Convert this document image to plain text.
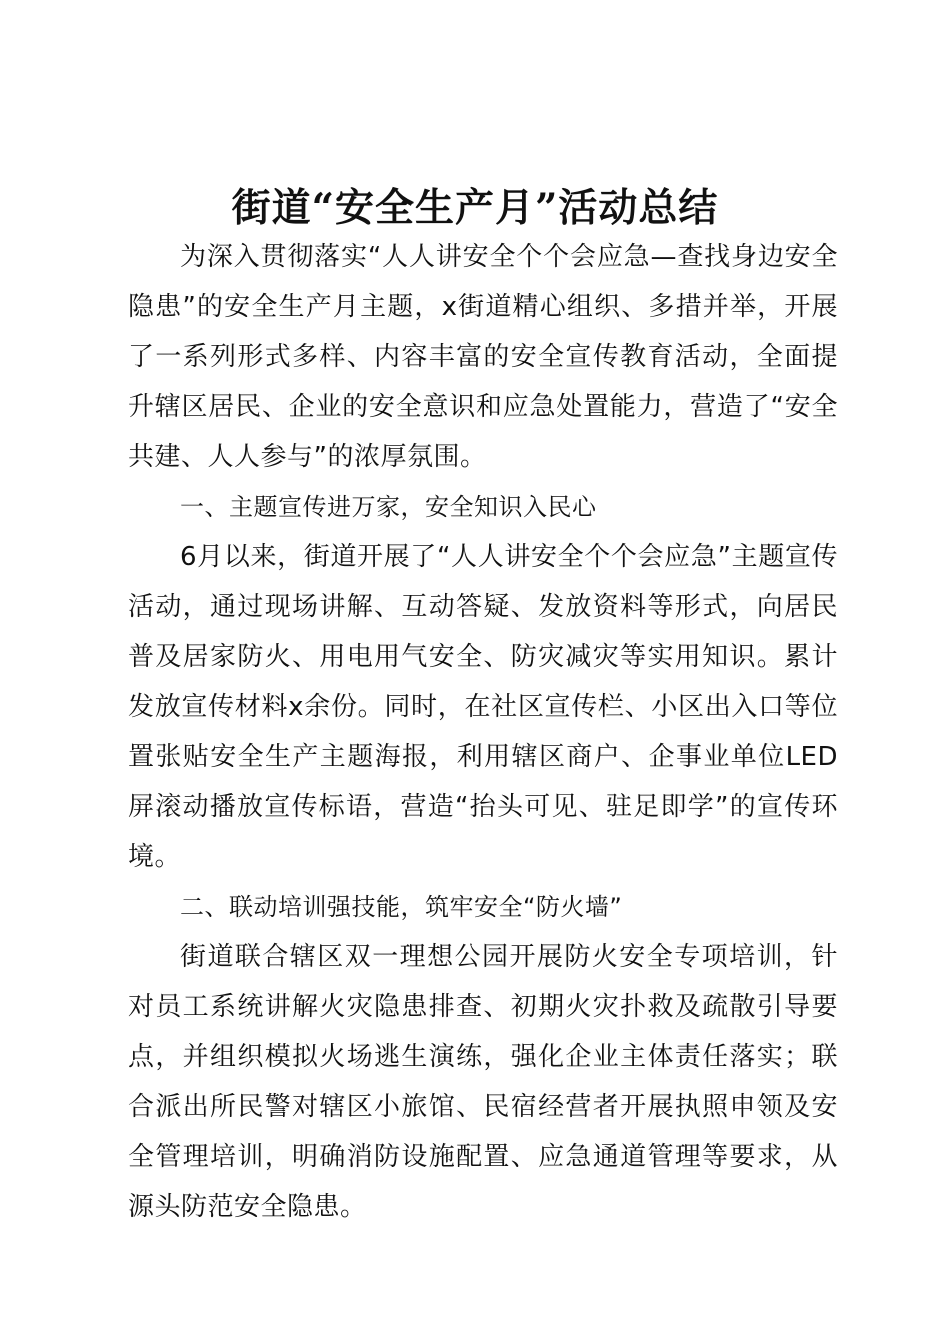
街道“安全生产月”活动总结

为深入贯彻落实“人人讲安全个个会应急—查找身边安全隐患”的安全生产月主题，x街道精心组织、多措并举，开展了一系列形式多样、内容丰富的安全宣传教育活动，全面提升辖区居民、企业的安全意识和应急处置能力，营造了“安全共建、人人参与”的浓厚氛围。

一、主题宣传进万家，安全知识入民心

6月以来，街道开展了“人人讲安全个个会应急”主题宣传活动，通过现场讲解、互动答疑、发放资料等形式，向居民普及居家防火、用电用气安全、防灾减灾等实用知识。累计发放宣传材料x余份。同时，在社区宣传栏、小区出入口等位置张贴安全生产主题海报，利用辖区商户、企事业单位LED屏滚动播放宣传标语，营造“抬头可见、驻足即学”的宣传环境。

二、联动培训强技能，筑牢安全“防火墙”

街道联合辖区双一理想公园开展防火安全专项培训，针对员工系统讲解火灾隐患排查、初期火灾扑救及疏散引导要点，并组织模拟火场逃生演练，强化企业主体责任落实；联合派出所民警对辖区小旅馆、民宿经营者开展执照申领及安全管理培训，明确消防设施配置、应急通道管理等要求，从源头防范安全隐患。
